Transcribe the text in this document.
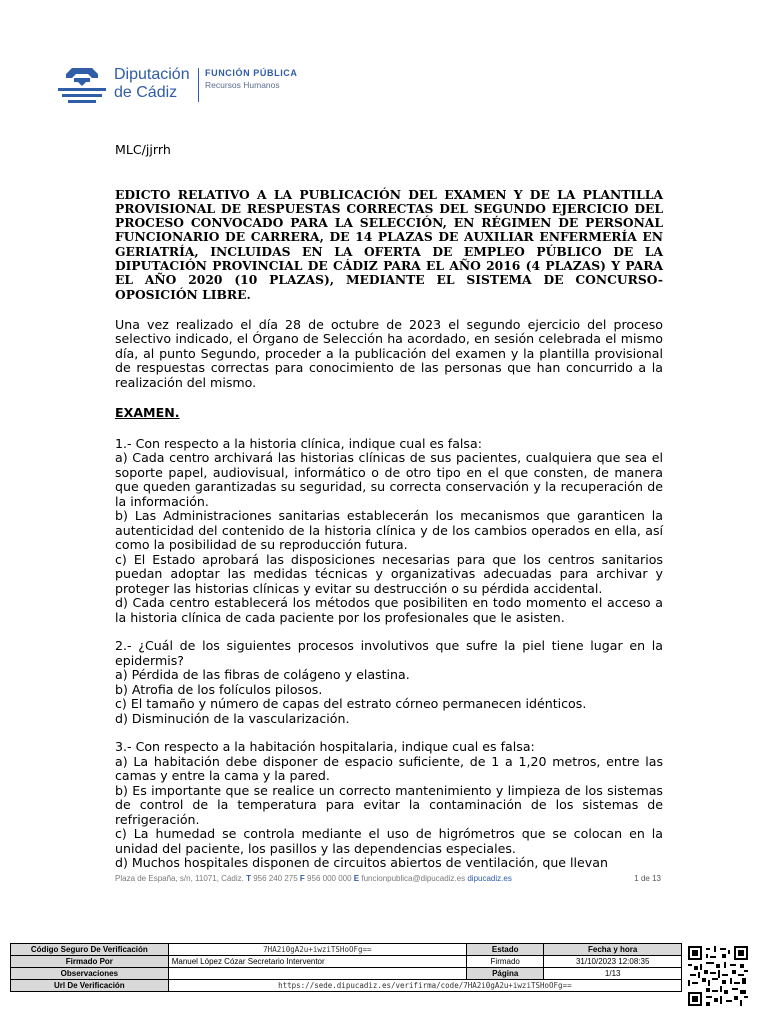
Diputación
de Cádiz
FUNCIÓN PÚBLICA
Recursos Humanos
MLC/jjrrh
EDICTO RELATIVO A LA PUBLICACIÓN DEL EXAMEN Y DE LA PLANTILLA PROVISIONAL DE RESPUESTAS CORRECTAS DEL SEGUNDO EJERCICIO DEL PROCESO CONVOCADO PARA LA SELECCIÓN, EN RÉGIMEN DE PERSONAL FUNCIONARIO DE CARRERA, DE 14 PLAZAS DE AUXILIAR ENFERMERÍA EN GERIATRÍA, INCLUIDAS EN LA OFERTA DE EMPLEO PÚBLICO DE LA DIPUTACIÓN PROVINCIAL DE CÁDIZ PARA EL AÑO 2016 (4 PLAZAS) Y PARA EL AÑO 2020 (10 PLAZAS), MEDIANTE EL SISTEMA DE CONCURSO-OPOSICIÓN LIBRE.

Una vez realizado el día 28 de octubre de 2023 el segundo ejercicio del proceso selectivo indicado, el Órgano de Selección ha acordado, en sesión celebrada el mismo día, al punto Segundo, proceder a la publicación del examen y la plantilla provisional de respuestas correctas para conocimiento de las personas que han concurrido a la realización del mismo.

EXAMEN.

1.- Con respecto a la historia clínica, indique cual es falsa:

a) Cada centro archivará las historias clínicas de sus pacientes, cualquiera que sea el soporte papel, audiovisual, informático o de otro tipo en el que consten, de manera que queden garantizadas su seguridad, su correcta conservación y la recuperación de la información.

b) Las Administraciones sanitarias establecerán los mecanismos que garanticen la autenticidad del contenido de la historia clínica y de los cambios operados en ella, así como la posibilidad de su reproducción futura.

c) El Estado aprobará las disposiciones necesarias para que los centros sanitarios puedan adoptar las medidas técnicas y organizativas adecuadas para archivar y proteger las historias clínicas y evitar su destrucción o su pérdida accidental.

d) Cada centro establecerá los métodos que posibiliten en todo momento el acceso a la historia clínica de cada paciente por los profesionales que le asisten.

2.- ¿Cuál de los siguientes procesos involutivos que sufre la piel tiene lugar en la epidermis?

a) Pérdida de las fibras de colágeno y elastina.

b) Atrofia de los folículos pilosos.

c) El tamaño y número de capas del estrato córneo permanecen idénticos.

d) Disminución de la vascularización.

3.- Con respecto a la habitación hospitalaria, indique cual es falsa:

a) La habitación debe disponer de espacio suficiente, de 1 a 1,20 metros, entre las camas y entre la cama y la pared.

b) Es importante que se realice un correcto mantenimiento y limpieza de los sistemas de control de la temperatura para evitar la contaminación de los sistemas de refrigeración.

c) La humedad se controla mediante el uso de higrómetros que se colocan en la unidad del paciente, los pasillos y las dependencias especiales.

d) Muchos hospitales disponen de circuitos abiertos de ventilación, que llevan

Plaza de España, s/n, 11071, Cádiz. T 956 240 275 F 956 000 000 E funcionpublica@dipucadiz.es dipucadiz.es	1 de 13
Código Seguro De Verificación	7HA2i0gA2u+iwziTSHoOFg==	Estado	Fecha y hora
Firmado Por	Manuel López Cózar Secretario Interventor	Firmado	31/10/2023 12:08:35
Observaciones		Página	1/13
Url De Verificación	https://sede.dipucadiz.es/verifirma/code/7HA2i0gA2u+iwziTSHoOFg==		
